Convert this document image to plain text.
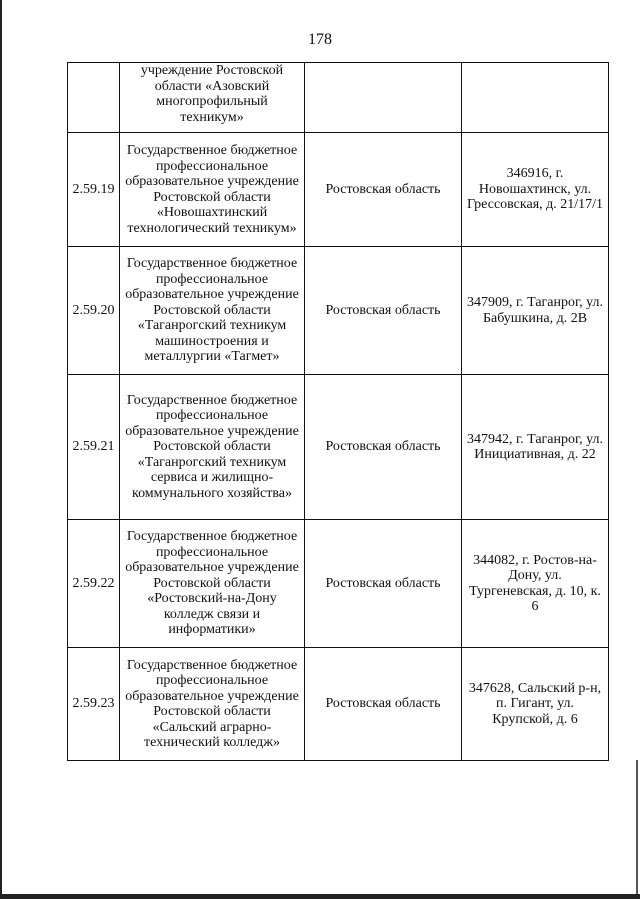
178
	учреждение Ростовской области «Азовский многопрофильный техникум»		
2.59.19	Государственное бюджетное профессиональное образовательное учреждение Ростовской области «Новошахтинский технологический техникум»	Ростовская область	346916, г. Новошахтинск, ул. Грессовская, д. 21/17/1
2.59.20	Государственное бюджетное профессиональное образовательное учреждение Ростовской области «Таганрогский техникум машиностроения и металлургии «Тагмет»	Ростовская область	347909, г. Таганрог, ул. Бабушкина, д. 2В
2.59.21	Государственное бюджетное профессиональное образовательное учреждение Ростовской области «Таганрогский техникум сервиса и жилищно- коммунального хозяйства»	Ростовская область	347942, г. Таганрог, ул. Инициативная, д. 22
2.59.22	Государственное бюджетное профессиональное образовательное учреждение Ростовской области «Ростовский-на-Дону колледж связи и информатики»	Ростовская область	344082, г. Ростов-на-Дону, ул. Тургеневская, д. 10, к. 6
2.59.23	Государственное бюджетное профессиональное образовательное учреждение Ростовской области «Сальский аграрно-технический колледж»	Ростовская область	347628, Сальский р-н, п. Гигант, ул. Крупской, д. 6
